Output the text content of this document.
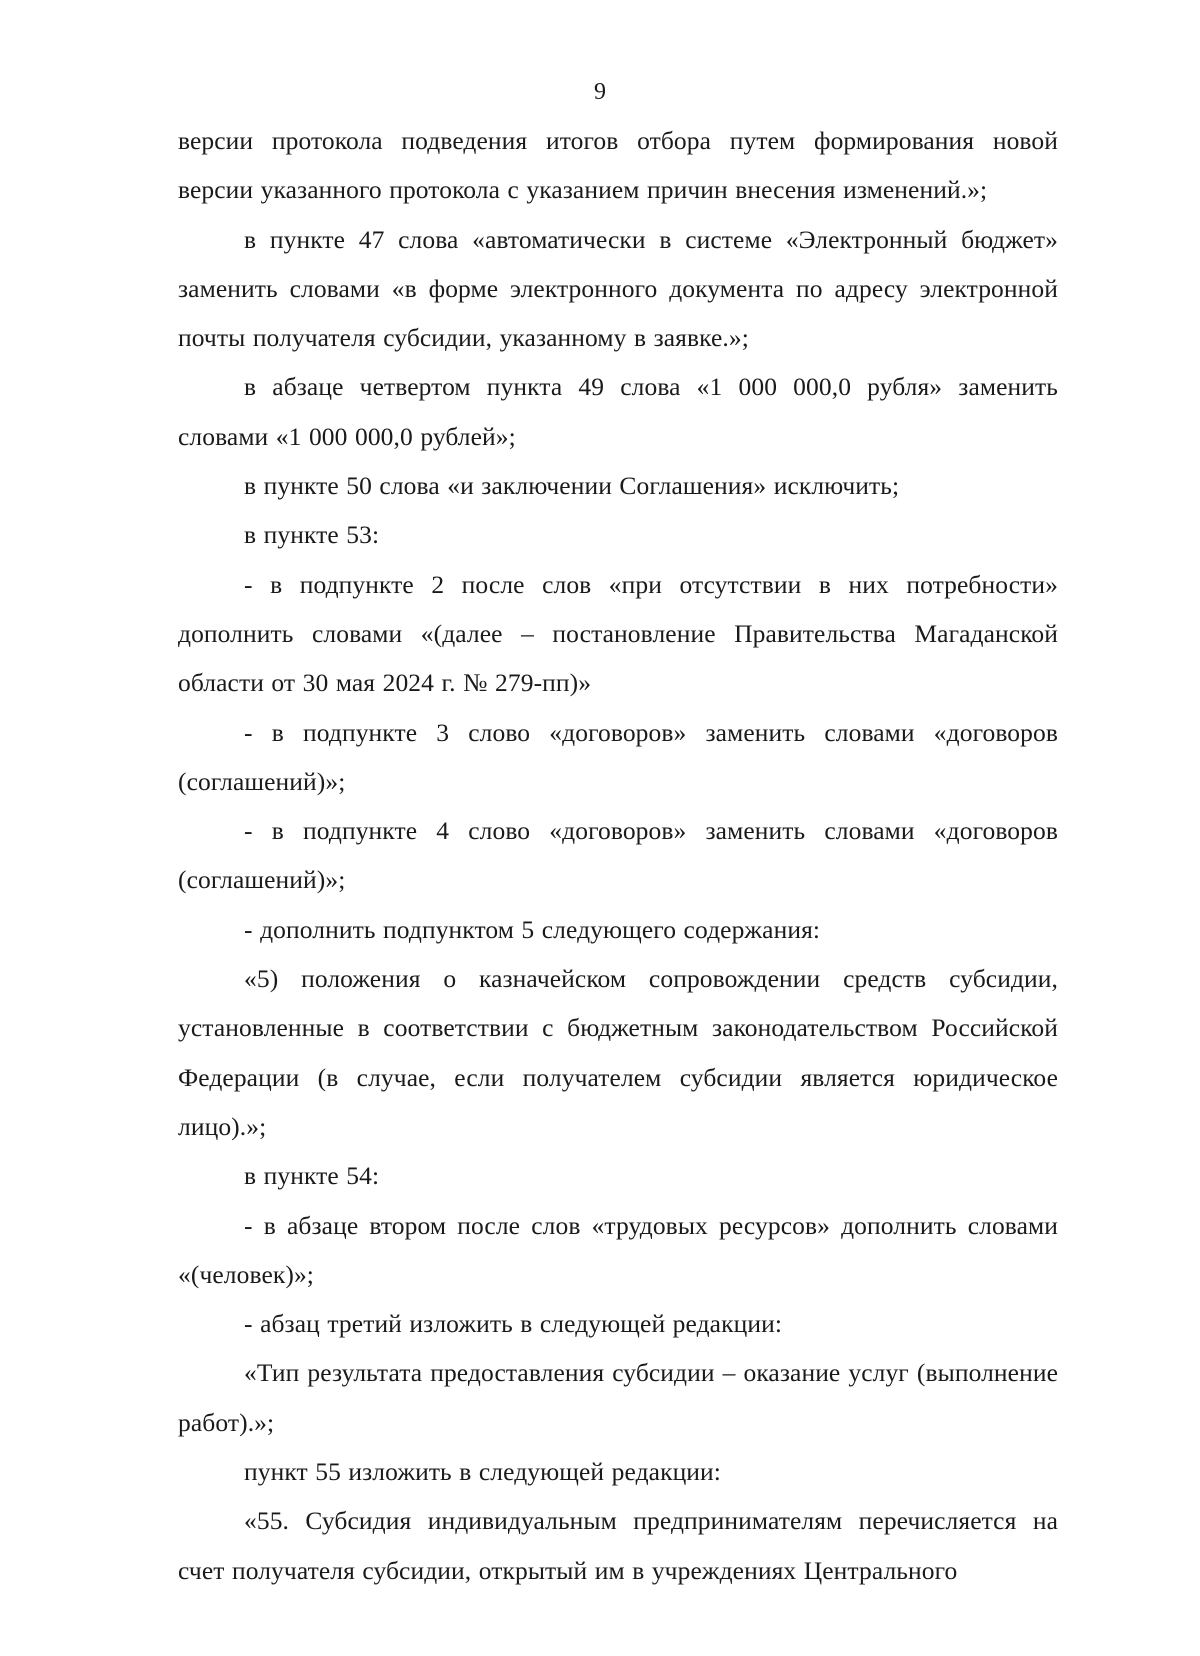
9

версии протокола подведения итогов отбора путем формирования новой версии указанного протокола с указанием причин внесения изменений.»;

в пункте 47 слова «автоматически в системе «Электронный бюджет» заменить словами «в форме электронного документа по адресу электронной почты получателя субсидии, указанному в заявке.»;

в абзаце четвертом пункта 49 слова «1 000 000,0 рубля» заменить словами «1 000 000,0 рублей»;

в пункте 50 слова «и заключении Соглашения» исключить;

в пункте 53:

- в подпункте 2 после слов «при отсутствии в них потребности» дополнить словами «(далее – постановление Правительства Магаданской области от 30 мая 2024 г. № 279-пп)»

- в подпункте 3 слово «договоров» заменить словами «договоров (соглашений)»;

- в подпункте 4 слово «договоров» заменить словами «договоров (соглашений)»;

- дополнить подпунктом 5 следующего содержания:

«5) положения о казначейском сопровождении средств субсидии, установленные в соответствии с бюджетным законодательством Российской Федерации (в случае, если получателем субсидии является юридическое лицо).»;

в пункте 54:

- в абзаце втором после слов «трудовых ресурсов» дополнить словами «(человек)»;

- абзац третий изложить в следующей редакции:

«Тип результата предоставления субсидии – оказание услуг (выполнение работ).»;

пункт 55 изложить в следующей редакции:

«55. Субсидия индивидуальным предпринимателям перечисляется на счет получателя субсидии, открытый им в учреждениях Центрального
